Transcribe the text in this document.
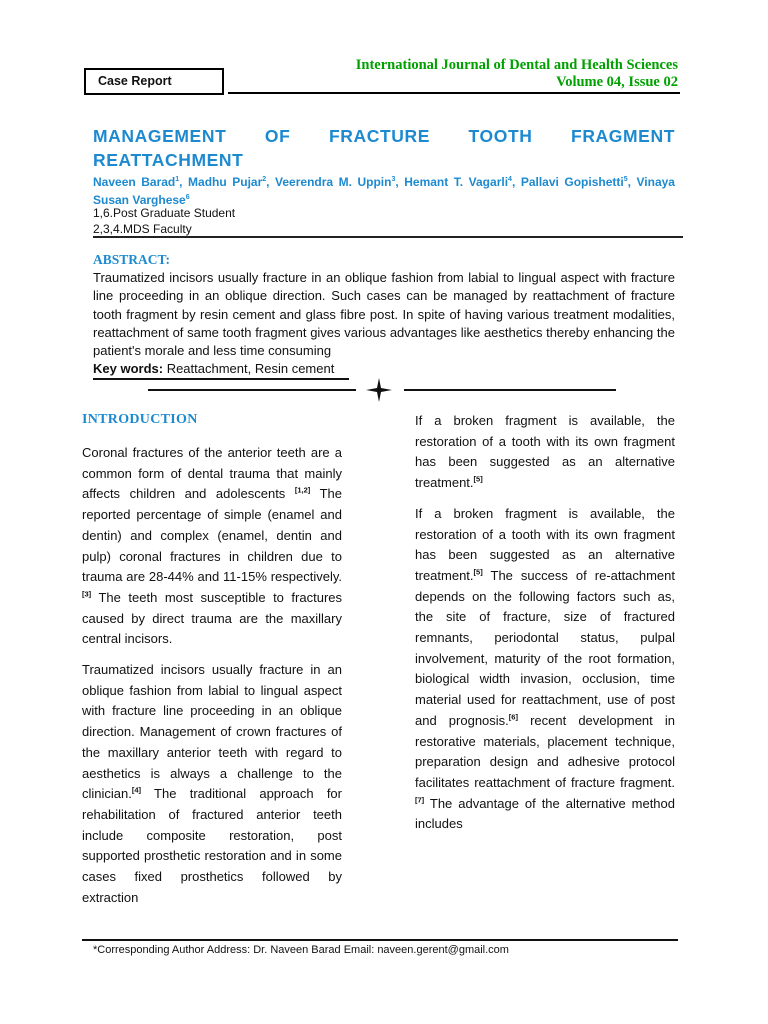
International Journal of Dental and Health Sciences
Volume 04, Issue 02
Case Report
MANAGEMENT OF FRACTURE TOOTH FRAGMENT REATTACHMENT
Naveen Barad$^1$, Madhu Pujar$^2$, Veerendra M. Uppin$^3$, Hemant T. Vagarli$^4$, Pallavi Gopishetti$^5$, Vinaya Susan Varghese$^6$
1,6.Post Graduate Student
2,3,4.MDS Faculty
ABSTRACT:
Traumatized incisors usually fracture in an oblique fashion from labial to lingual aspect with fracture line proceeding in an oblique direction. Such cases can be managed by reattachment of fracture tooth fragment by resin cement and glass fibre post. In spite of having various treatment modalities, reattachment of same tooth fragment gives various advantages like aesthetics thereby enhancing the patient's morale and less time consuming
Key words: Reattachment, Resin cement
INTRODUCTION

Coronal fractures of the anterior teeth are a common form of dental trauma that mainly affects children and adolescents [1,2] The reported percentage of simple (enamel and dentin) and complex (enamel, dentin and pulp) coronal fractures in children due to trauma are 28-44% and 11-15% respectively.[3] The teeth most susceptible to fractures caused by direct trauma are the maxillary central incisors.

Traumatized incisors usually fracture in an oblique fashion from labial to lingual aspect with fracture line proceeding in an oblique direction. Management of crown fractures of the maxillary anterior teeth with regard to aesthetics is always a challenge to the clinician.[4] The traditional approach for rehabilitation of fractured anterior teeth include composite restoration, post supported prosthetic restoration and in some cases fixed prosthetics followed by extraction

If a broken fragment is available, the restoration of a tooth with its own fragment has been suggested as an alternative treatment.[5]

If a broken fragment is available, the restoration of a tooth with its own fragment has been suggested as an alternative treatment.[5] The success of re-attachment depends on the following factors such as, the site of fracture, size of fractured remnants, periodontal status, pulpal involvement, maturity of the root formation, biological width invasion, occlusion, time material used for reattachment, use of post and prognosis.[6] recent development in restorative materials, placement technique, preparation design and adhesive protocol facilitates reattachment of fracture fragment.[7] The advantage of the alternative method includes

*Corresponding Author Address: Dr. Naveen Barad Email: naveen.gerent@gmail.com
